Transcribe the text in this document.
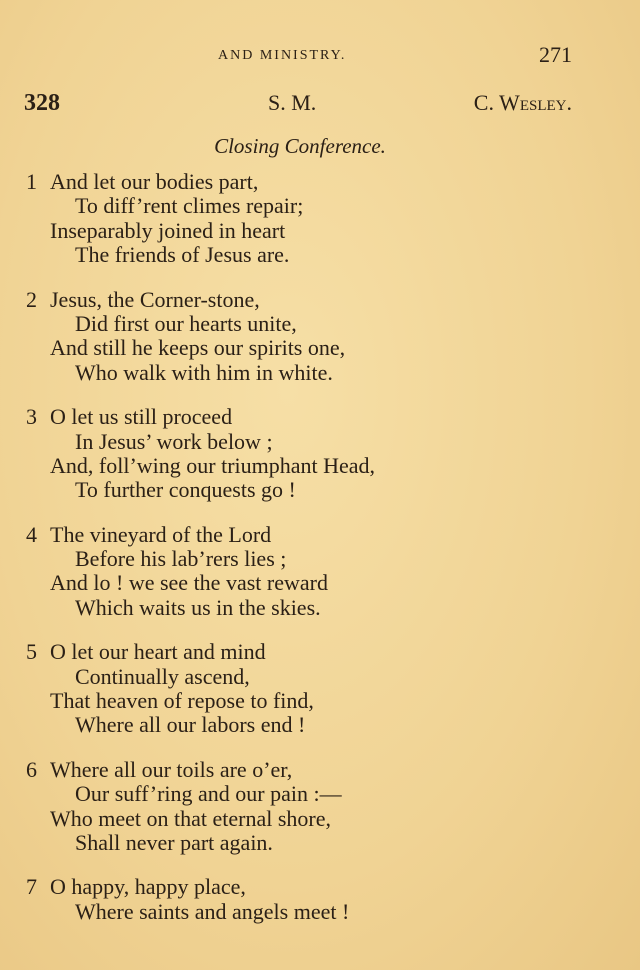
AND MINISTRY.	271
328	S. M.	C. Wesley.
Closing Conference.
1 And let our bodies part,
To diff’rent climes repair;
Inseparably joined in heart
The friends of Jesus are.
2 Jesus, the Corner-stone,
Did first our hearts unite,
And still he keeps our spirits one,
Who walk with him in white.
3 O let us still proceed
In Jesus’ work below ;
And, foll’wing our triumphant Head,
To further conquests go !
4 The vineyard of the Lord
Before his lab’rers lies ;
And lo ! we see the vast reward
Which waits us in the skies.
5 O let our heart and mind
Continually ascend,
That heaven of repose to find,
Where all our labors end !
6 Where all our toils are o’er,
Our suff’ring and our pain :—
Who meet on that eternal shore,
Shall never part again.
7 O happy, happy place,
Where saints and angels meet !
